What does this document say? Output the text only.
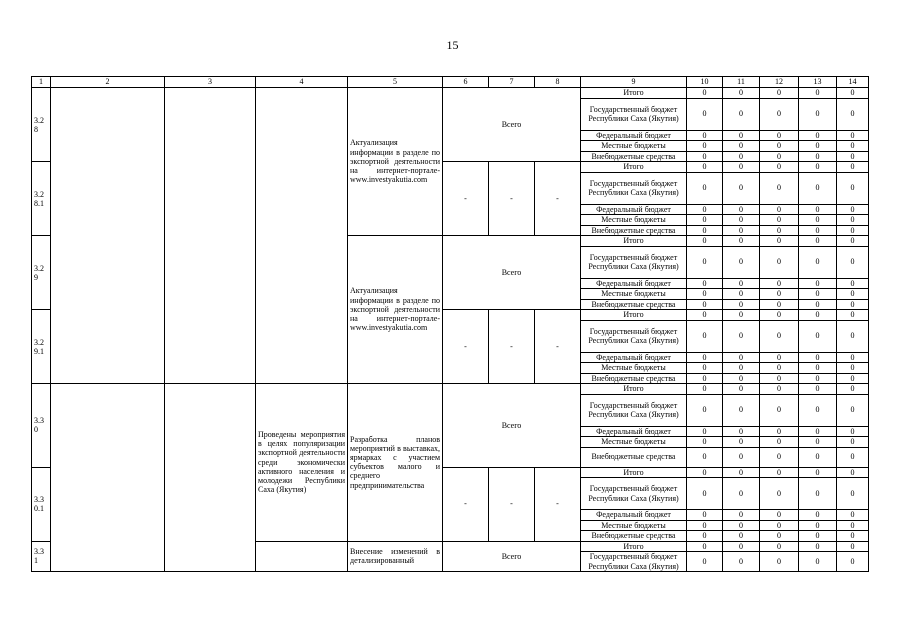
15
1	2	3	4	5	6	7	8	9	10	11	12	13	14
3.2 8				Актуализация информации в разделе по экспортной деятельности на интернет-портале-www.investyakutia.com	Всего			Итого	0	0	0	0	0
								Государственный бюджет Республики Саха (Якутия)	0	0	0	0	0
								Федеральный бюджет	0	0	0	0	0
								Местные бюджеты	0	0	0	0	0
								Внебюджетные средства	0	0	0	0	0
3.2 8.1					-	-	-	Итого	0	0	0	0	0
								Государственный бюджет Республики Саха (Якутия)	0	0	0	0	0
								Федеральный бюджет	0	0	0	0	0
								Местные бюджеты	0	0	0	0	0
								Внебюджетные средства	0	0	0	0	0
3.2 9				Актуализация информации в разделе по экспортной деятельности на интернет-портале-www.investyakutia.com	Всего			Итого	0	0	0	0	0
								Государственный бюджет Республики Саха (Якутия)	0	0	0	0	0
								Федеральный бюджет	0	0	0	0	0
								Местные бюджеты	0	0	0	0	0
								Внебюджетные средства	0	0	0	0	0
3.2 9.1					-	-	-	Итого	0	0	0	0	0
								Государственный бюджет Республики Саха (Якутия)	0	0	0	0	0
								Федеральный бюджет	0	0	0	0	0
								Местные бюджеты	0	0	0	0	0
								Внебюджетные средства	0	0	0	0	0
3.3 0			Проведены мероприятия в целях популяризации экспортной деятельности среди экономически активного населения и молодежи Республики Саха (Якутия)	Разработка планов мероприятий в выставках, ярмарках с участием субъектов малого и среднего предпринимательства	Всего			Итого	0	0	0	0	0
								Государственный бюджет Республики Саха (Якутия)	0	0	0	0	0
								Федеральный бюджет	0	0	0	0	0
								Местные бюджеты	0	0	0	0	0
								Внебюджетные средства	0	0	0	0	0
3.3 0.1					-	-	-	Итого	0	0	0	0	0
								Государственный бюджет Республики Саха (Якутия)	0	0	0	0	0
								Федеральный бюджет	0	0	0	0	0
								Местные бюджеты	0	0	0	0	0
								Внебюджетные средства	0	0	0	0	0
3.3 1				Внесение изменений в детализированный	Всего			Итого	0	0	0	0	0
								Государственный бюджет Республики Саха (Якутия)	0	0	0	0	0
